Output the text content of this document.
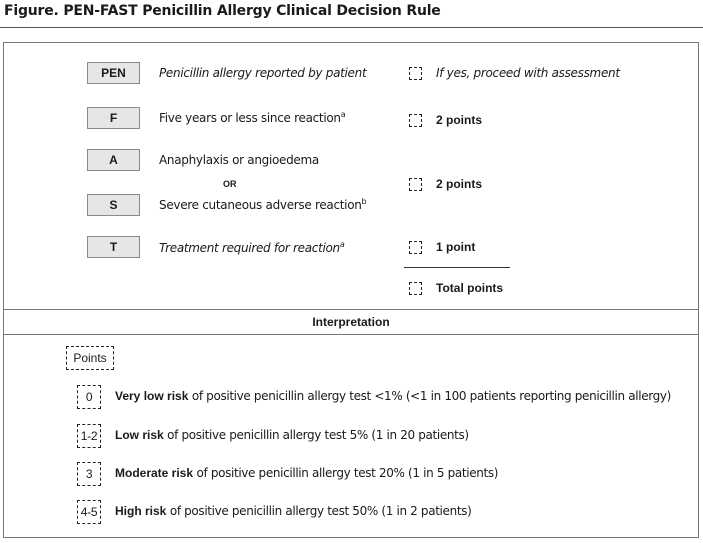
Figure. PEN-FAST Penicillin Allergy Clinical Decision Rule
PEN	Penicillin allergy reported by patient	If yes, proceed with assessment
F	Five years or less since reaction$^a$	2 points
A	Anaphylaxis or angioedema
OR
S	Severe cutaneous adverse reaction$^b$
2 points
T	Treatment required for reaction$^a$	1 point
Total points
Interpretation
Points
0	Very low risk of positive penicillin allergy test <1% (<1 in 100 patients reporting penicillin allergy)
1-2	Low risk of positive penicillin allergy test 5% (1 in 20 patients)
3	Moderate risk of positive penicillin allergy test 20% (1 in 5 patients)
4-5	High risk of positive penicillin allergy test 50% (1 in 2 patients)
